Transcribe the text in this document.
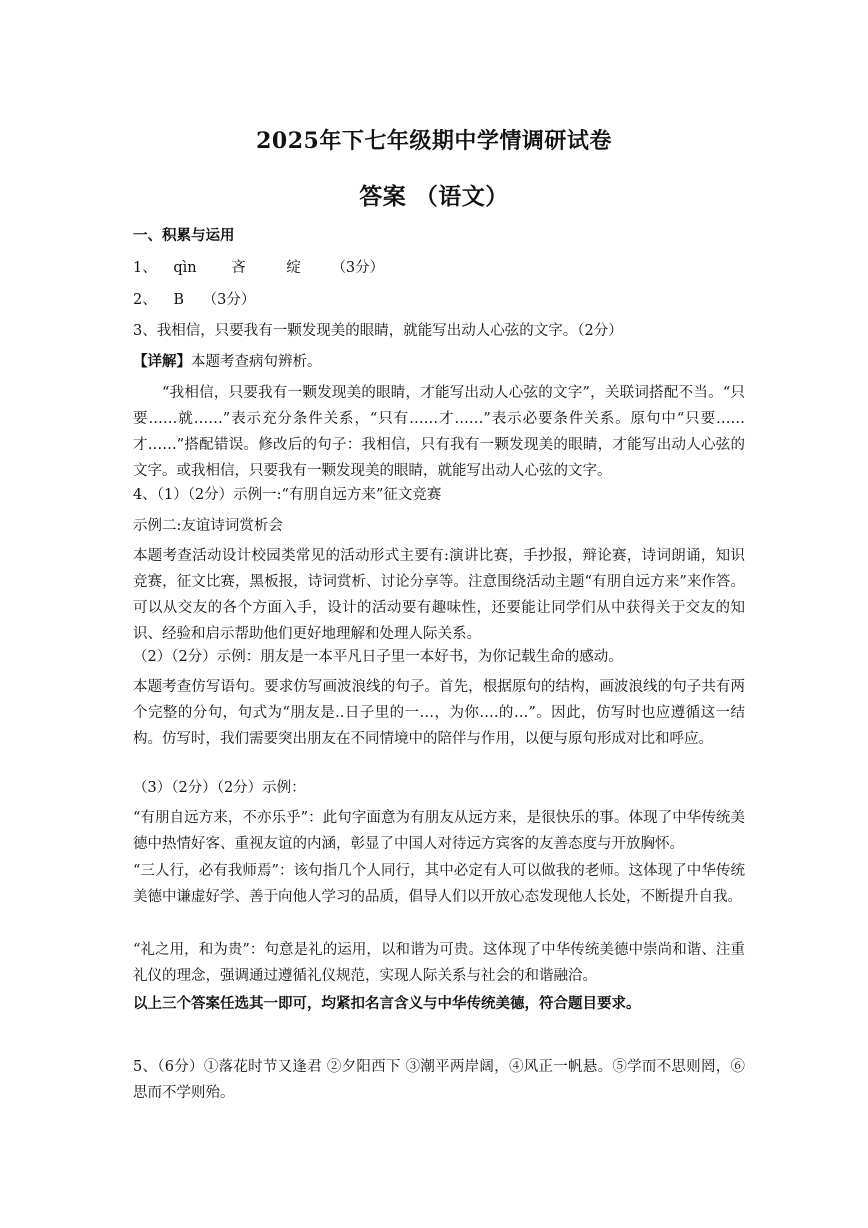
2025年下七年级期中学情调研试卷
答案 （语文）
一、积累与运用
1、 qìn 吝	绽 （3分）
2、 B （3分）
3、我相信，只要我有一颗发现美的眼睛，就能写出动人心弦的文字。（2分）
【详解】本题考查病句辨析。
“我相信，只要我有一颗发现美的眼睛，才能写出动人心弦的文字”，关联词搭配不当。“只要……就……”表示充分条件关系，“只有……才……”表示必要条件关系。原句中“只要……才……”搭配错误。修改后的句子：我相信，只有我有一颗发现美的眼睛，才能写出动人心弦的文字。或我相信，只要我有一颗发现美的眼睛，就能写出动人心弦的文字。
4、（1）（2分）示例一:“有朋自远方来”征文竞赛
示例二:友谊诗词赏析会
本题考查活动设计校园类常见的活动形式主要有:演讲比赛，手抄报，辩论赛，诗词朗诵，知识竞赛，征文比赛，黑板报，诗词赏析、讨论分享等。注意围绕活动主题“有朋自远方来”来作答。可以从交友的各个方面入手，设计的活动要有趣味性，还要能让同学们从中获得关于交友的知识、经验和启示帮助他们更好地理解和处理人际关系。
（2）（2分）示例：朋友是一本平凡日子里一本好书，为你记载生命的感动。
本题考查仿写语句。要求仿写画波浪线的句子。首先，根据原句的结构，画波浪线的句子共有两个完整的分句，句式为“朋友是..日子里的一…，为你….的…”。因此，仿写时也应遵循这一结构。仿写时，我们需要突出朋友在不同情境中的陪伴与作用，以便与原句形成对比和呼应。
（3）（2分）（2分）示例：
“有朋自远方来，不亦乐乎”：此句字面意为有朋友从远方来，是很快乐的事。体现了中华传统美德中热情好客、重视友谊的内涵，彰显了中国人对待远方宾客的友善态度与开放胸怀。
“三人行，必有我师焉”：该句指几个人同行，其中必定有人可以做我的老师。这体现了中华传统美德中谦虚好学、善于向他人学习的品质，倡导人们以开放心态发现他人长处，不断提升自我。
“礼之用，和为贵”：句意是礼的运用，以和谐为可贵。这体现了中华传统美德中崇尚和谐、注重礼仪的理念，强调通过遵循礼仪规范，实现人际关系与社会的和谐融洽。
以上三个答案任选其一即可，均紧扣名言含义与中华传统美德，符合题目要求。
5、（6分）①落花时节又逢君 ②夕阳西下 ③潮平两岸阔，④风正一帆悬。⑤学而不思则罔，⑥思而不学则殆。
